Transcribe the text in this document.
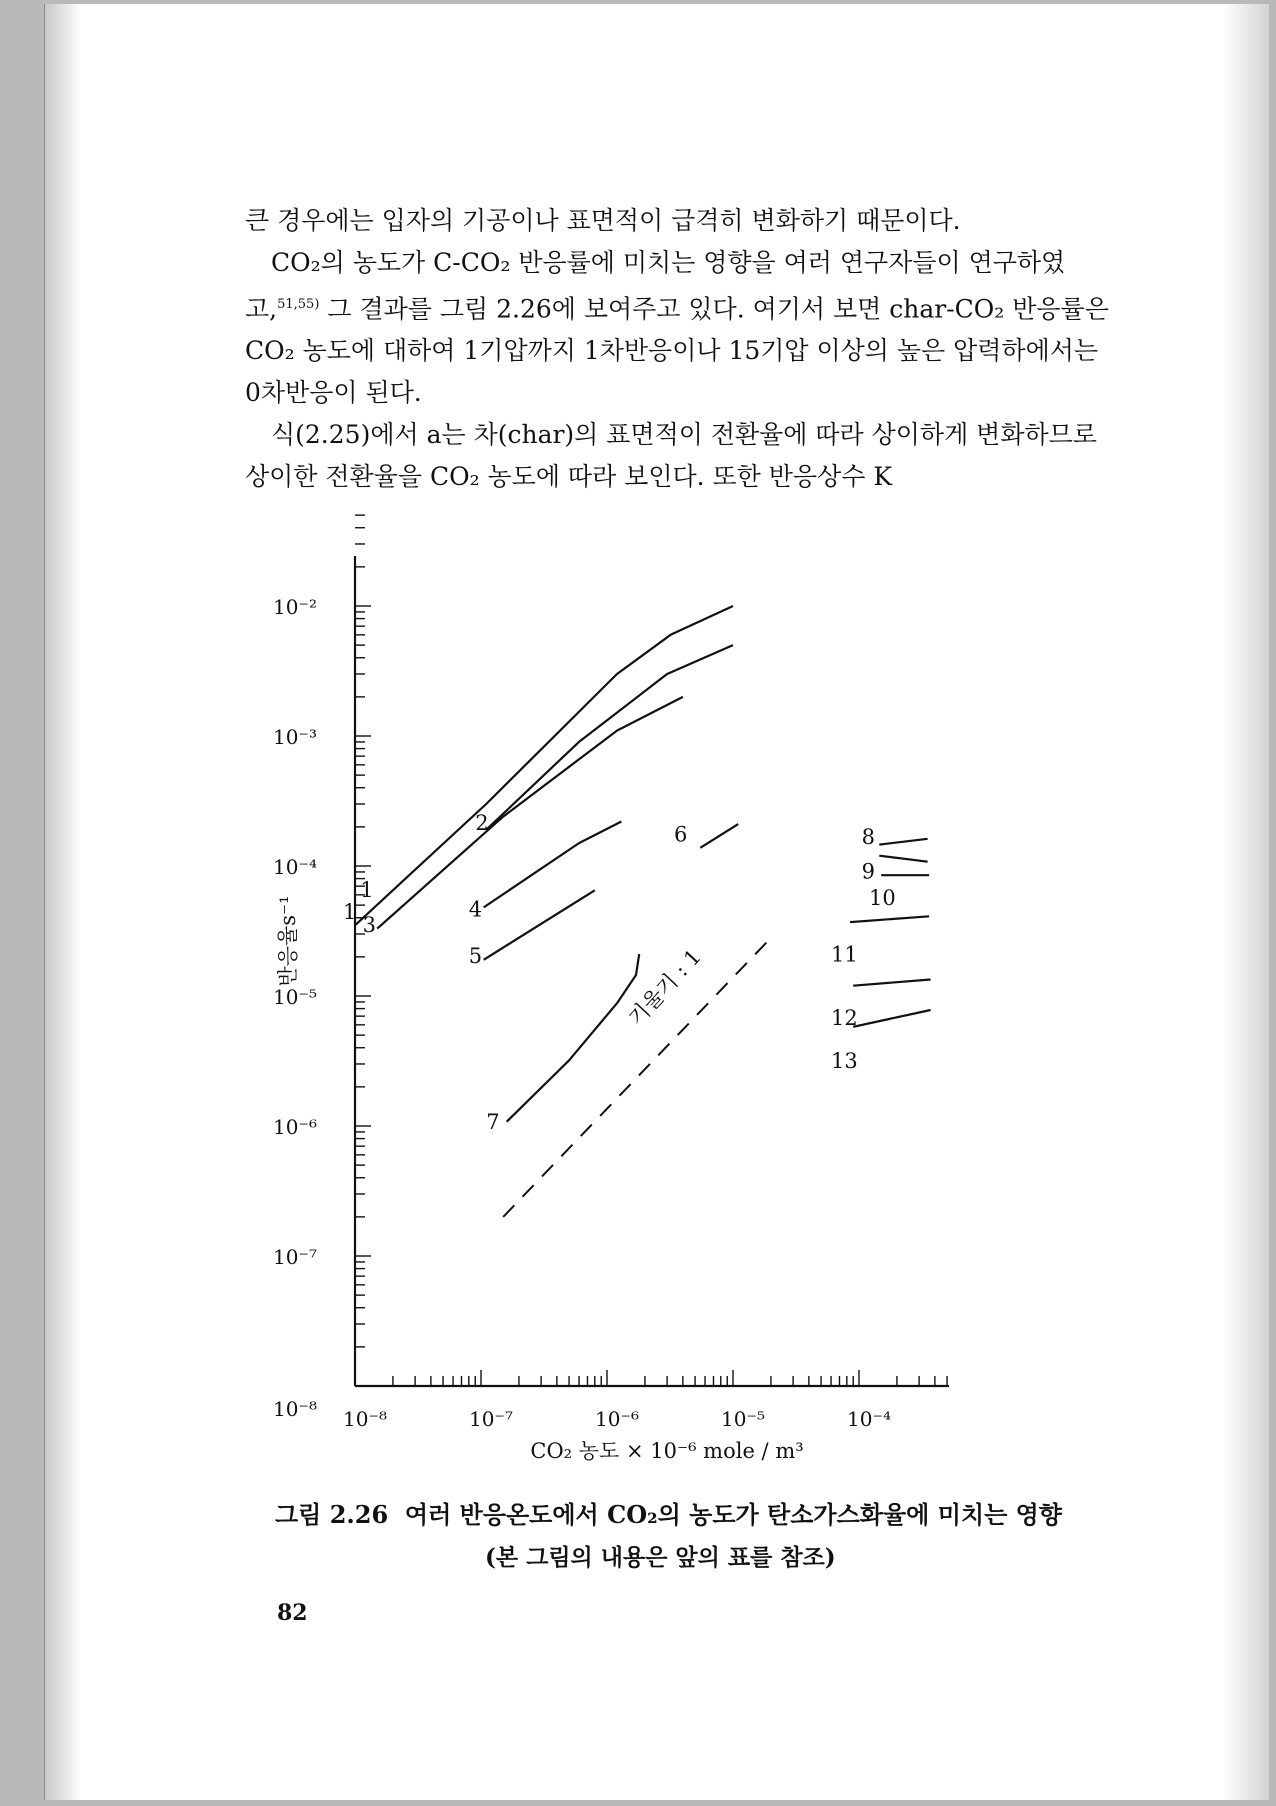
큰 경우에는 입자의 기공이나 표면적이 급격히 변화하기 때문이다.

CO₂의 농도가 C-CO₂ 반응률에 미치는 영향을 여러 연구자들이 연구하였고,$^{51,55)}$ 그 결과를 그림 2.26에 보여주고 있다. 여기서 보면 char-CO₂ 반응률은 CO₂ 농도에 대하여 1기압까지 1차반응이나 15기압 이상의 높은 압력하에서는 0차반응이 된다.

식(2.25)에서 a는 차(char)의 표면적이 전환율에 따라 상이하게 변화하므로 상이한 전환율을 CO₂ 농도에 따라 보인다. 또한 반응상수 K

10⁻²
10⁻³
10⁻⁴
10⁻⁵
10⁻⁶
10⁻⁷
10⁻⁸ 10⁻⁸	10⁻⁷	10⁻⁶	10⁻⁵	10⁻⁴
CO₂ 농도 × 10⁻⁶ mole / m³
반응율s⁻¹
1
1
2
3
4
5
6
7
8
9
10
11
12
13
기울기 : 1
그림 2.26 여러 반응온도에서 CO₂의 농도가 탄소가스화율에 미치는 영향
(본 그림의 내용은 앞의 표를 참조)
82
